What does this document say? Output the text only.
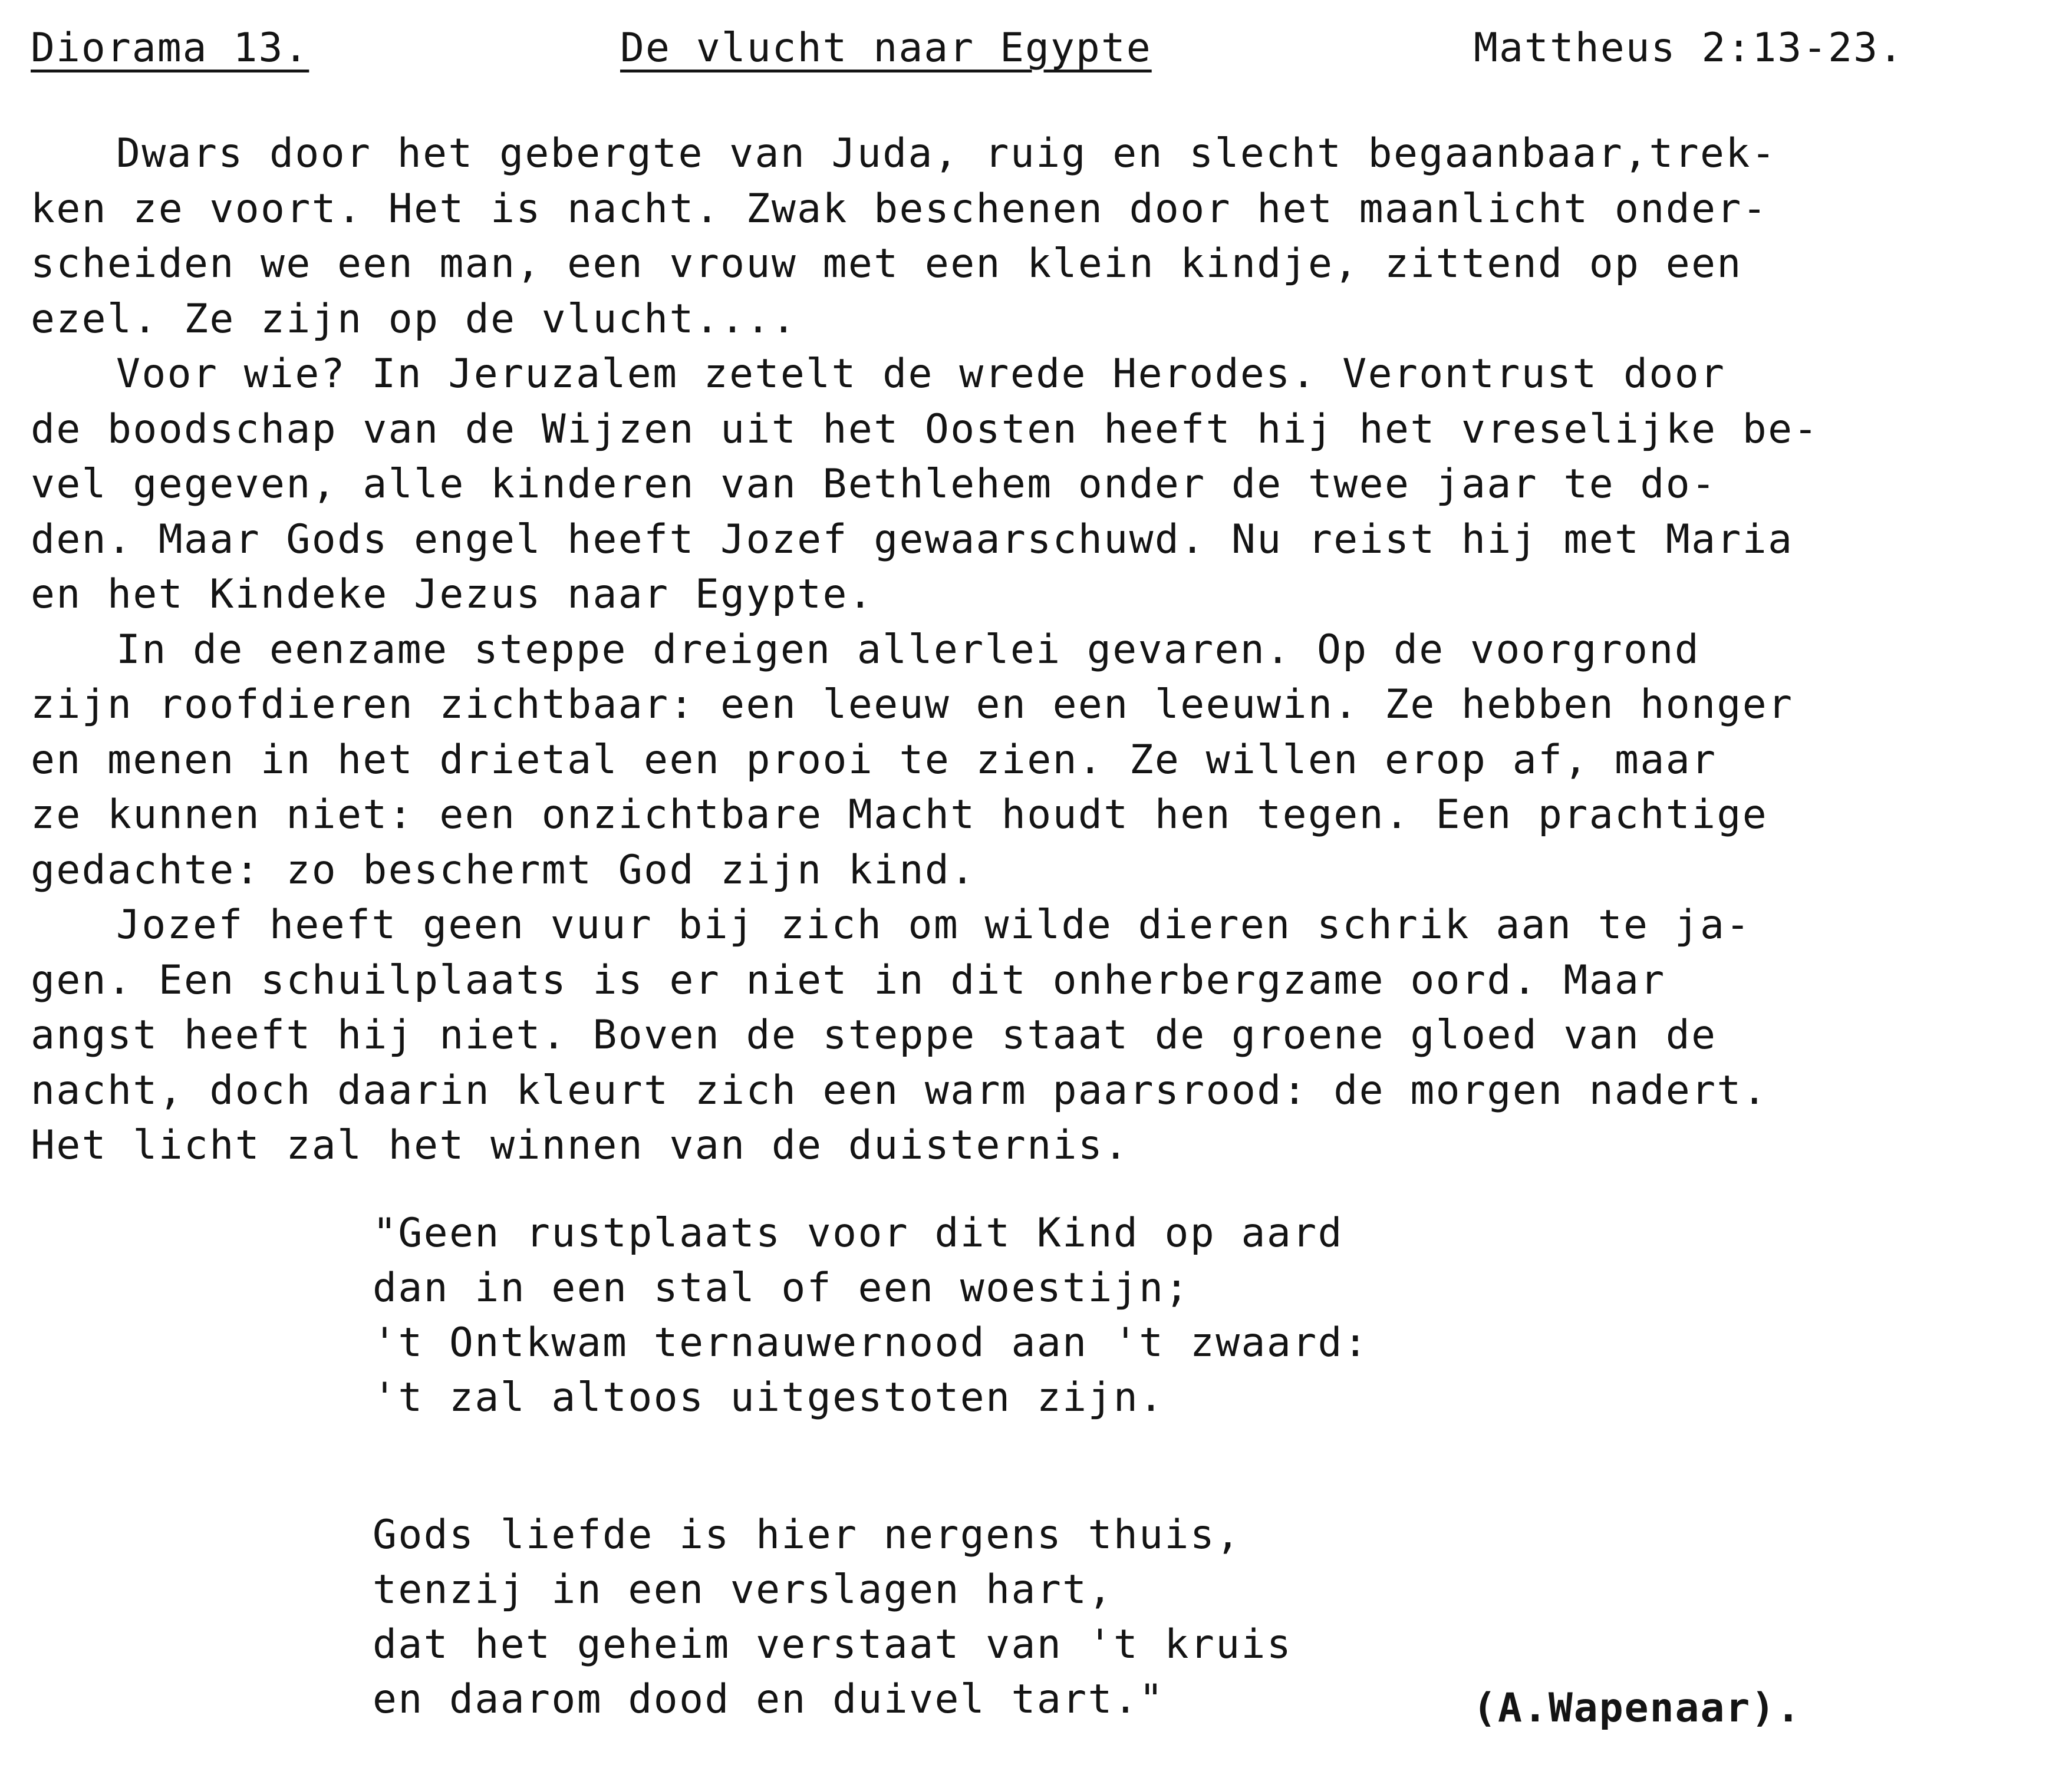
Diorama 13.	De vlucht naar Egypte	Mattheus 2:13-23.
Dwars door het gebergte van Juda, ruig en slecht begaanbaar,trek-
ken ze voort. Het is nacht. Zwak beschenen door het maanlicht onder-
scheiden we een man, een vrouw met een klein kindje, zittend op een
ezel. Ze zijn op de vlucht....
Voor wie? In Jeruzalem zetelt de wrede Herodes. Verontrust door
de boodschap van de Wijzen uit het Oosten heeft hij het vreselijke be-
vel gegeven, alle kinderen van Bethlehem onder de twee jaar te do-
den. Maar Gods engel heeft Jozef gewaarschuwd. Nu reist hij met Maria
en het Kindeke Jezus naar Egypte.
In de eenzame steppe dreigen allerlei gevaren. Op de voorgrond
zijn roofdieren zichtbaar: een leeuw en een leeuwin. Ze hebben honger
en menen in het drietal een prooi te zien. Ze willen erop af, maar
ze kunnen niet: een onzichtbare Macht houdt hen tegen. Een prachtige
gedachte: zo beschermt God zijn kind.
Jozef heeft geen vuur bij zich om wilde dieren schrik aan te ja-
gen. Een schuilplaats is er niet in dit onherbergzame oord. Maar
angst heeft hij niet. Boven de steppe staat de groene gloed van de
nacht, doch daarin kleurt zich een warm paarsrood: de morgen nadert.
Het licht zal het winnen van de duisternis.
"Geen rustplaats voor dit Kind op aard
dan in een stal of een woestijn;
't Ontkwam ternauwernood aan 't zwaard:
't zal altoos uitgestoten zijn.
Gods liefde is hier nergens thuis,
tenzij in een verslagen hart,
dat het geheim verstaat van 't kruis
en daarom dood en duivel tart."	(A.Wapenaar).
